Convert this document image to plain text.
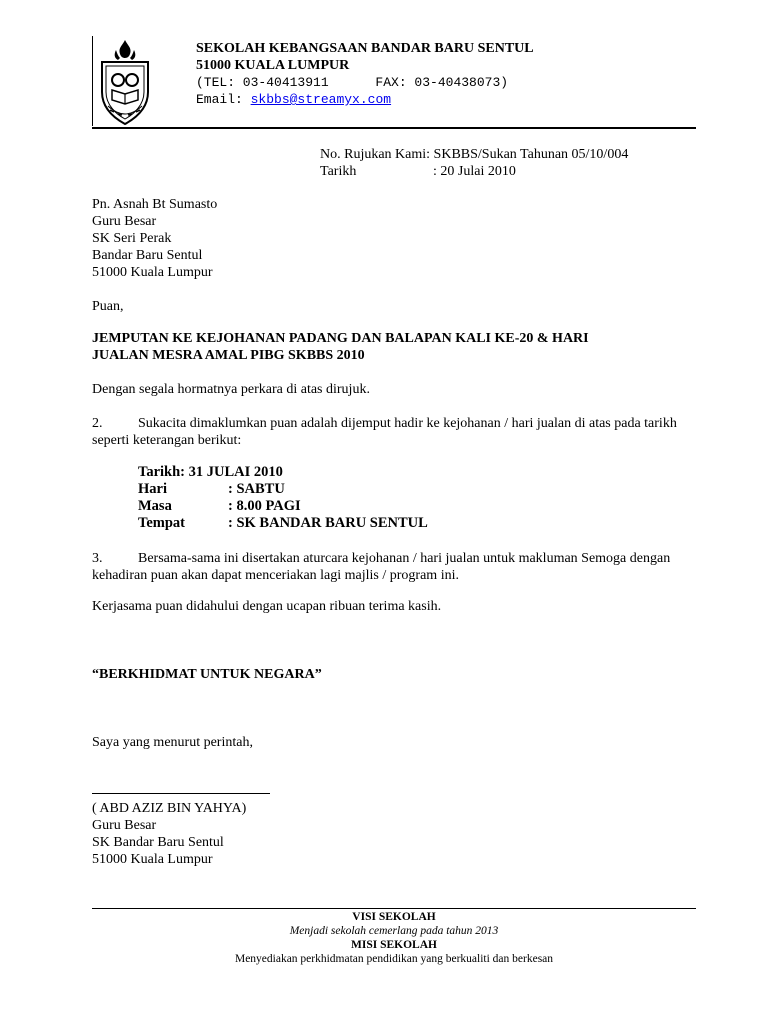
SEKOLAH KEBANGSAAN BANDAR BARU SENTUL
51000 KUALA LUMPUR
(TEL: 03-40413911      FAX: 03-40438073)
Email: skbbs@streamyx.com
No. Rujukan Kami:
SKBBS/Sukan Tahunan 05/10/004
Tarikh	: 20 Julai 2010
Pn. Asnah Bt Sumasto
Guru Besar
SK Seri Perak
Bandar Baru Sentul
51000 Kuala Lumpur
Puan,
JEMPUTAN KE KEJOHANAN PADANG DAN BALAPAN KALI KE-20 & HARI
JUALAN MESRA AMAL PIBG SKBBS 2010
Dengan segala hormatnya perkara di atas dirujuk.
2.	Sukacita dimaklumkan puan adalah dijemput hadir ke kejohanan / hari jualan di atas pada tarikh seperti keterangan berikut:
Tarikh: 31 JULAI 2010
Hari	: SABTU
Masa	: 8.00 PAGI
Tempat	: SK BANDAR BARU SENTUL
3.	Bersama-sama ini disertakan aturcara kejohanan / hari jualan untuk makluman Semoga dengan kehadiran puan akan dapat menceriakan lagi majlis / program ini.
Kerjasama puan didahului dengan ucapan ribuan terima kasih.
“BERKHIDMAT UNTUK NEGARA”
Saya yang menurut perintah,
( ABD AZIZ BIN YAHYA)
Guru Besar
SK Bandar Baru Sentul
51000 Kuala Lumpur
VISI SEKOLAH
Menjadi sekolah cemerlang pada tahun 2013
MISI SEKOLAH
Menyediakan perkhidmatan pendidikan yang berkualiti dan berkesan
